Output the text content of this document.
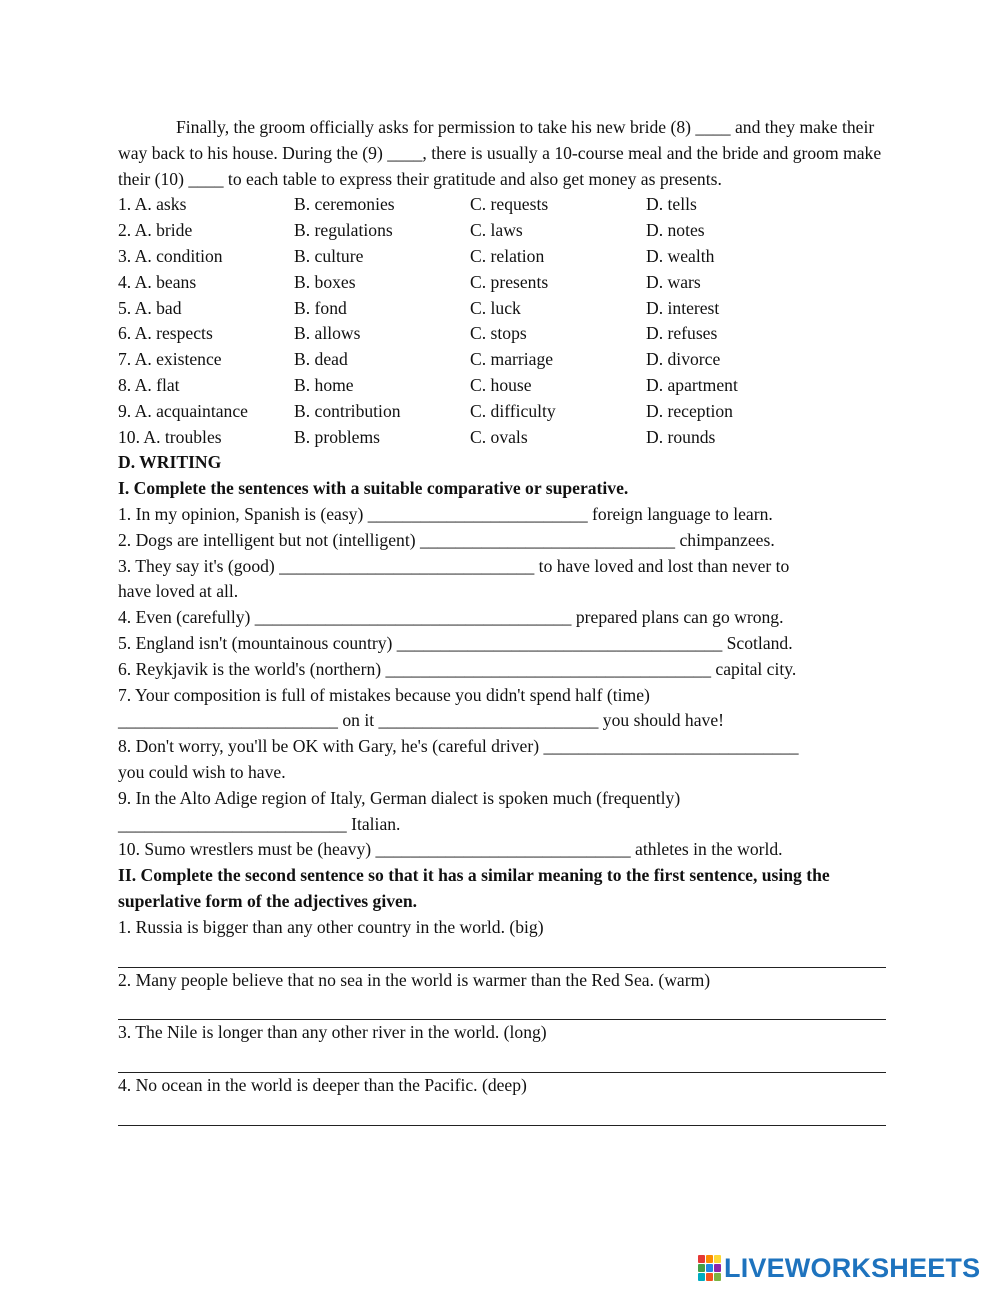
Finally, the groom officially asks for permission to take his new bride (8) ____ and they make their way back to his house. During the (9) ____, there is usually a 10-course meal and the bride and groom make their (10) ____ to each table to express their gratitude and also get money as presents.

1. A. asks	B. ceremonies	C. requests	D. tells
2. A. bride	B. regulations	C. laws	D. notes
3. A. condition	B. culture	C. relation	D. wealth
4. A. beans	B. boxes	C. presents	D. wars
5. A. bad	B. fond	C. luck	D. interest
6. A. respects	B. allows	C. stops	D. refuses
7. A. existence	B. dead	C. marriage	D. divorce
8. A. flat	B. home	C. house	D. apartment
9. A. acquaintance	B. contribution	C. difficulty	D. reception
10. A. troubles	B. problems	C. ovals	D. rounds
D. WRITING
I. Complete the sentences with a suitable comparative or superative.
1. In my opinion, Spanish is (easy) _________________________ foreign language to learn.
2. Dogs are intelligent but not (intelligent) _____________________________ chimpanzees.
3. They say it's (good) _____________________________ to have loved and lost than never to
have loved at all.
4. Even (carefully) ____________________________________ prepared plans can go wrong.
5. England isn't (mountainous country) _____________________________________ Scotland.
6. Reykjavik is the world's (northern) _____________________________________ capital city.
7. Your composition is full of mistakes because you didn't spend half (time)
_________________________ on it _________________________ you should have!
8. Don't worry, you'll be OK with Gary, he's (careful driver) _____________________________
you could wish to have.
9. In the Alto Adige region of Italy, German dialect is spoken much (frequently)
__________________________ Italian.
10. Sumo wrestlers must be (heavy) _____________________________ athletes in the world.
II. Complete the second sentence so that it has a similar meaning to the first sentence, using the superlative form of the adjectives given.
1. Russia is bigger than any other country in the world. (big)
2. Many people believe that no sea in the world is warmer than the Red Sea. (warm)
3. The Nile is longer than any other river in the world. (long)
4. No ocean in the world is deeper than the Pacific. (deep)
LIVEWORKSHEETS
